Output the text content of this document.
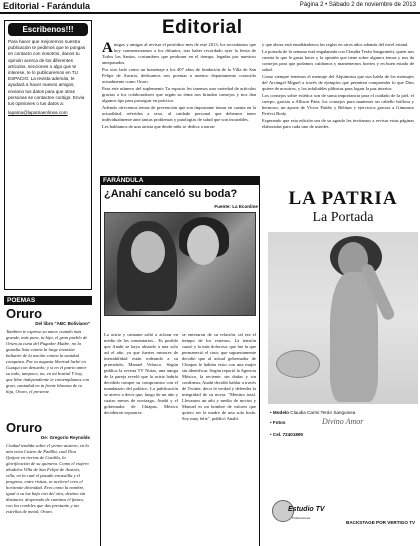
Editorial - Farándula	Página 2 • Sábado 2 de noviembre de 2013
Escribenos!!!
Para hacer que mejoremos nuestra publicación te pedimos que te pongas en contacto con nosotros, danos tu opinión acerca de los diferentes artículos, secciones o algo que te interese, te lo publicaremos en TU ESPACIO. La revista además, te ayudará a hacer nuevos amigos, enviano tus datos para que otras personas se contacten contigo. Envia tus opiniones o tus datos a:
lapatria@lapatriaenlinea.com
POEMAS
Oruro
Del libro "ABC Boliviano"
Tambien te expreso su amor, cuando más grande, más para, tu hija, el gran pueblo de Oruro,tu cuna del Pugador Madre, no la guardia lista contra la large invasión baluarte de la nación contra la sanidad conquista. Por tu augusta libertad luché en Guaqui con denuedo; y si en el patrio amor su todo, tampoco, no, en mi hostial Y hoy, que libre independiente te contemplamos con gran, cantadad en tu frente blasona de tu hija, Oruro, el presente.
Oruro
De: Gregorio Reynolds
Ciudad tendida sobre el yermo austero, en la aún vieta Castro de Padilla, cual Don Quijote en tierras de Castilla, la glorificación de su quimera. Como el viajero ahodelos Villa de San Felipe de Austria, villa, en la cual el pasado encastilla y el progreso, entre risitas, se acelera! creo el horizonte divinidad. Eres como la nombre, igual a su luz bajo con del otro, destino sin distancia. desperado de caminos el futuro, con los cordeles que das prestanto y tus estrellas de metal, Oruro.
Editorial

Amigos y amigas al revisar el periódico mes de este 2013, los recordamos que hoy conmemoramos a los difuntos, tras haber recordado ayer la fiesta de Todos los Santos, costumbres que perduran en el tiempo, legadas por nuestros antepasados.

Por otro lado como un homenaje a los 407 años de fundación de la Villa de San Felipe de Austria, dedicamos tres poemas a nuestro departamento conocido actualmente como Oruro.

Para este número del suplemento Tu espacio les traemos una variedad de artículos gracias a los colaboradores que según su tema nos brindan consejos y nos dan algunos tips para proseguir en práctica.

Además ofrecemos temas de prevención que son importante tomar en cuenta en la actualidad, referidos a sexo, al cuidado personal que debemos tener individualmente ante tantas problemas y patologías de salud que son incurables.

Les hablamos de una artista que desde niña se dedica a narrar

y que ahora está enseñándonos las reglas en otros años además del nivel estatal.

La portada de la semana está engalanada con Claudia Terán Sanguinetti, quien nos cuenta lo que le gusta hacer y la opinión que tiene sobre algunos temas y nos da consejos para que podamos cuidarnos y mantenernos fuertes y en buen estado de salud.

Como siempre tenemos el mensaje del Alquimista que nos habla de los mensajes del Arcángel Miguel a través de ejemplos que permiten comprender lo que Dios quiere de nosotros, y los infaltables plibistas para lograr la paz interior.

Los consejos sobre estética son de suma importancia para el cuidado de la piel, el cuerpo, gracias a Allison Páez; los consejos para mantener un cabello brillosa y hermoso, un aporte de Víctor Patiño y Belinas y ejercicios gracias a Gimnasio Perfect Body.

Esperando que esta edición sea de su agrado les invitamos a revisar estas páginas elaboradas para cada uno de ustedes.

FARÁNDULA
¿Anahí canceló su boda?
Fuente: La Econline
La actriz y cantante salió a aclarar en medio de los comentarios... Es posible que Anahí se haya alistado a una solo así el año, ya que fuertes rumores de inestabilidad están rodeando a su prometido, Manuel Velasco. Según publica la revista TV Notas, una amiga de la pareja reveló que la actriz habría decidido romper su compromiso con el mandatario del político. La publicación se atreve a decir que, luego de un año y cuatro meses de noviazgo, Anahí y el gobernador de Chiapas, México decidieron separarse.
se enteraron de su relación, tal era el tiempo de los estrenos. La tensión causó y la más dolorosa, que fue la que permaneció el caso; que supuestamente decidió que al actual gobernador de Chiapas le habían visto con una mujer sin identificar. Según reportó la Agencia México, la reciente, sin dudas y sin confirmar, Anahí decidió hablar a través de Twitter, decir la verdad y defender la integridad de su novia. "Mentira total. Llevamos un año y medio de novios y Manuel es un hombre de valores que quiero ser la madre de una sola boda. Soy muy feliz", publicó Anahí.
LA PATRIA
La Portada
• Modelo Claudia Carmi Terán Sanguinea
• Fotos	Divino Amor
• Cel. 72401890
Estudio TV
Producciones
BACKSTAGE POR VERTIGO TV
